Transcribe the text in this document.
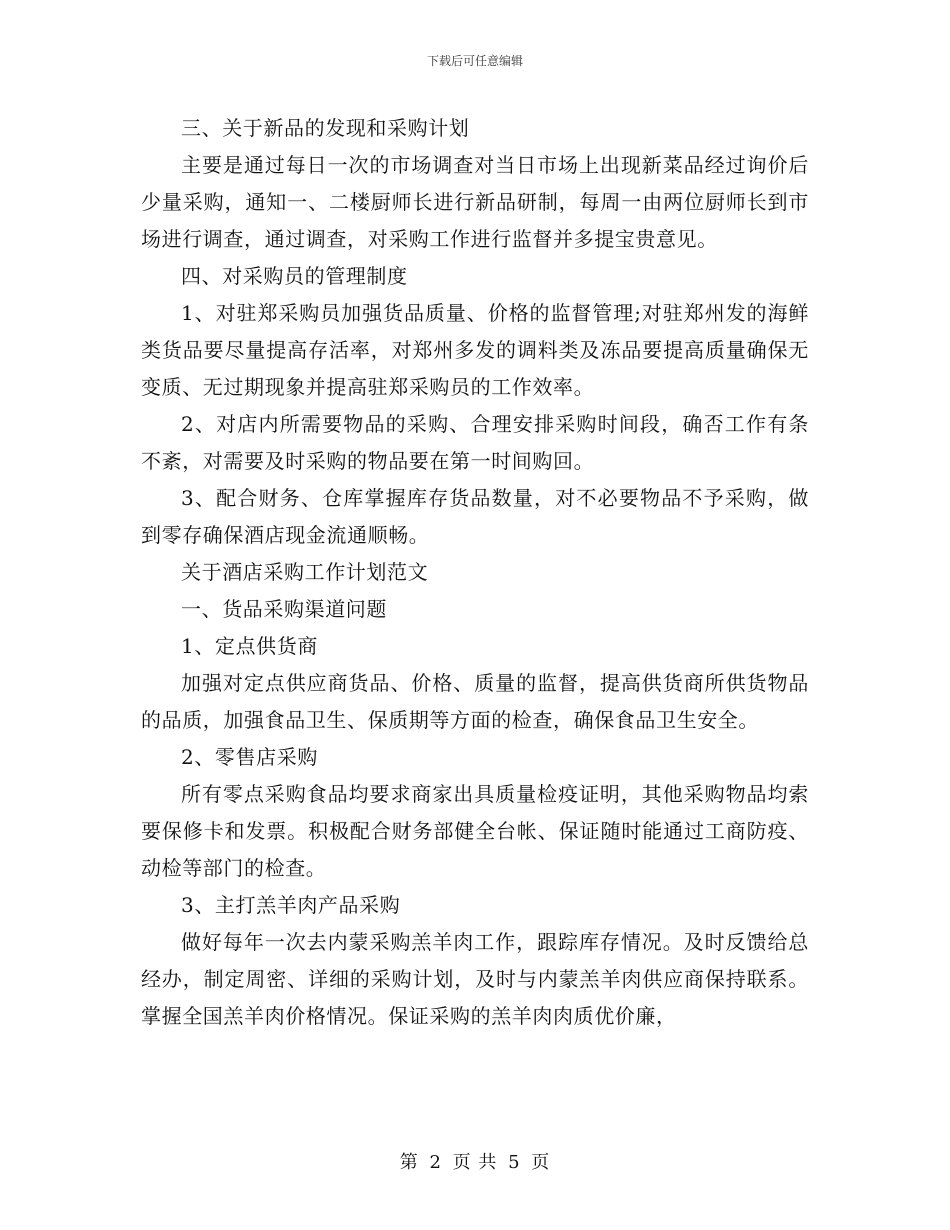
下载后可任意编辑

三、关于新品的发现和采购计划

主要是通过每日一次的市场调查对当日市场上出现新菜品经过询价后少量采购，通知一、二楼厨师长进行新品研制，每周一由两位厨师长到市场进行调查，通过调查，对采购工作进行监督并多提宝贵意见。

四、对采购员的管理制度

1、对驻郑采购员加强货品质量、价格的监督管理;对驻郑州发的海鲜类货品要尽量提高存活率，对郑州多发的调料类及冻品要提高质量确保无变质、无过期现象并提高驻郑采购员的工作效率。

2、对店内所需要物品的采购、合理安排采购时间段，确否工作有条不紊，对需要及时采购的物品要在第一时间购回。

3、配合财务、仓库掌握库存货品数量，对不必要物品不予采购，做到零存确保酒店现金流通顺畅。

关于酒店采购工作计划范文

一、货品采购渠道问题

1、定点供货商

加强对定点供应商货品、价格、质量的监督，提高供货商所供货物品的品质，加强食品卫生、保质期等方面的检查，确保食品卫生安全。

2、零售店采购

所有零点采购食品均要求商家出具质量检疫证明，其他采购物品均索要保修卡和发票。积极配合财务部健全台帐、保证随时能通过工商防疫、动检等部门的检查。

3、主打羔羊肉产品采购

做好每年一次去内蒙采购羔羊肉工作，跟踪库存情况。及时反馈给总经办，制定周密、详细的采购计划，及时与内蒙羔羊肉供应商保持联系。掌握全国羔羊肉价格情况。保证采购的羔羊肉肉质优价廉，

第 2 页 共 5 页
